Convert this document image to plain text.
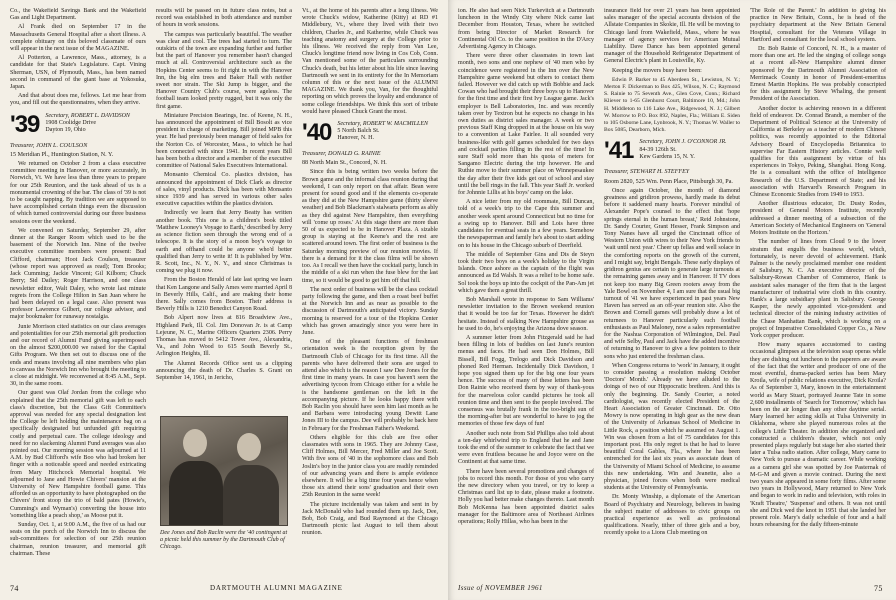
Co., the Wakefield Savings Bank and the Wakefield Gas and Light Department.

Al Frank died on September 17 in the Massachusetts General Hospital after a short illness. A complete obituary on this beloved classmate of ours will appear in the next issue of the MAGAZINE.

Al Potterton, a Lawrence, Mass., attorney, is a candidate for that State's Legislature. Capt. Vining Sherman, USN, of Plymouth, Mass., has been named second in command of the giant base at Yokosuka, Japan.

And that about does me, fellows. Let me hear from you, and fill out the questionnaires, when they arrive.

'39 Secretary, ROBERT L. DAVIDSON
1908 Coolidge Drive
Dayton 19, Ohio

Treasurer, JOHN L. COULSON

15 Meridian Pl., Huntington Station, N. Y.

We returned on October 2 from a class executive committee meeting in Hanover, or more accurately, in Norwich, Vt. We have less than three years to prepare for our 25th Reunion, and the task ahead of us is a monumental crowning of the bar. The class of '39 is not to be caught napping. By tradition we are supposed to have accomplished certain things even the discussion of which turned controversial during our three business sessions over the weekend.

We convened on Saturday, September 29, after dinner at the Ranger Room which used to be the basement of the Norwich Inn. Nine of the twelve executive committee members were present: Bud Clifford, chairman; Hoot Jack Coulson, treasurer (whose report was approved as read); Tom Brooks; Jack Cumming; Jackie Vincent; Gil Kilborn; Chuck Berry; Sid Dailey; Roger Harrison, and one class newsletter editor, Walt Daley, who wrote last minute regrets from the College Hilton in San Juan where he had been delayed on a legal case. Also present was professor Lawrence Gilbert, our college advisor, and major bookmaker for runaway nostalgia.

Junie Morrison cited statistics on our class averages and potentialities for our 25th memorial gift production and our record of Alumni Fund giving superimposed on the almost $200,000.00 we raised for the Capital Gifts Program. We then set out to discuss one of the ends and means involving all nine members who plan to canvass the Norwich Inn who brought the meeting to a close at midnight. We reconvened at 8:45 A.M., Sept. 30, in the same room.

Our guest was Olaf Jordan from the college who explained that the 25th memorial gift was left to each class's discretion, but the Class Gift Committee's approval was needed for any special designation lest the College be left holding the maintenance bag on a specifically designated but unfunded gift requiring costly and perpetual care. The college ideology and need for no slackening Alumni Fund averages was also pointed out. Our morning session was adjourned at 11 A.M. by Bud Clifford's wife Boo who had broken her finger with a noticeable speed and needed extricating from Mary Hitchcock Memorial hospital. We adjourned to Jane and Howie Chivers' mansion at the University of New Hampshire football game. This afforded us an opportunity to have photographed on the Chivers' front stoop the trio of bald pates (Howie's, Cumming's and Wyman's) converting the house into 'something like a peach shop,' as Moose put it.

Sunday, Oct. 1, at 9:00 A.M., the five of us had our seats on the porch of the Norwich Inn to discuss the sub-committees for selection of our 25th reunion chairman, reunion treasurer, and memorial gift chairman. These

results will be passed on in future class notes, but a record was established in both attendance and number of hours in work sessions.

The campus was particularly beautiful. The weather was clear and cool. The trees had started to turn. The outskirts of the town are expanding further and further but the part of Hanover you remember hasn't changed much at all. Controversial architecture such as the Hopkins Center seems to fit right in with the Hanover Inn, the big elm trees and Baker Hall with neither sweet nor strain. The Ski Jump is bigger, and the Hanover Country Club's course, were ageless. The football team looked pretty rugged, but it was only the first game.

Miniature Precision Bearings, Inc. of Keene, N. H., has announced the appointment of Bill Bosolt as vice president in charge of marketing. Bill joined MPB this year. He had previously been manager of field sales for the Norton Co. of Worcester, Mass., to which he had been connected with since 1941. In recent years Bill has been both a director and a member of the executive committee of National Sales Executives International.

Monsanto Chemical Co. plastics division, has announced the appointment of Dick Clark as director of sales, vinyl products. Dick has been with Monsanto since 1939 and has served in various other sales executive capacities within the plastics division.

Indirectly we learn that Jerry Beatty has written another book. This one is a children's book titled 'Matthew Looney's Voyage to Earth,' described by Jerry as science fiction seen through the wrong end of a telescope. It is the story of a moon boy's voyage to earth and offhand could be anyone who'd better qualified than Jerry to write it! It is published by Wm. R. Scott, Inc., N. Y., N. Y., and since Christmas is coming we plug it now.

From the Boston Herald of late last spring we learn that Ken Langone and Sally Ames were married April 8 in Beverly Hills, Calif., and are making their home there. Sally comes from Boston. Their address is Beverly Hills is 1210 Benedict Canyon Road.

Bob Alpert now lives at 816 Broadview Ave., Highland Park, Ill. Col. Jim Donovan Jr. is at Camp Lejeune, N. C., Marine Officers Quarters 2306. Perry Thomas has moved to 5412 Tower Ave., Alexandria, Va., and John Wood to 615 South Beverly St., Arlington Heights, Ill.

The Alumni Records Office sent us a clipping announcing the death of Dr. Charles S. Grant on September 14, 1961, in Jericho,

Vt., at the home of his parents after a long illness. We wrote Chuck's widow, Katherine (Kitty) at RD #1 Middlebury, Vt., where they lived with their two children, Charles Jr., and Katherine, while Chuck was teaching anatomy and surgery at the College prior to his illness. We received the reply from Van Lee, Chuck's longtime friend now living in Cos Cob, Conn. Van mentioned some of the particulars surrounding Chuck's death, but his letter about his life since leaving Dartmouth we sent in its entirety for the In Memoriam column of this or the next issue of the ALUMNI MAGAZINE. We thank you, Van, for the thoughtful reporting on which proves the loyalty and endurance of some college friendships. We think this sort of tribute would have pleased Chuck Grant the most.

'40 Secretary, ROBERT W. MACMILLEN
5 North Balch St.
Hanover, N. H.

Treasurer, DONALD G. RAINIE

88 North Main St., Concord, N. H.

Since this is being written two weeks before the Brown game and the informal class reunion during that weekend, I can only report on that affair. Bean were present for sound good and if the elements co-operate as they did at the New Hampshire game (thirty sleeve weather) and Bob Blackman's stalwarts perform as ably as they did against New Hampshire, then everything will 'come up roses.' At this stage there are more than 50 of us expected to be in Hanover Plaza. A sizable group is staying at the Keene's and the rest are scattered around town. The first order of business is the Saturday morning preview of our reunion movies. If there is a demand for it the class films will be shown too. As I recall we then have the cocktail party, lunch in the middle of a ski run when the fuse blew for the last time, so it would be good to get him off that hill.

The next order of business will be the class cocktail party following the game, and then a roast beef buffet at the Norwich Inn and as near as possible to the discussion of Dartmouth's anticipated victory. Sunday morning is reserved for a tour of the Hopkins Center which has grown amazingly since you were here in June.

One of the pleasant functions of freshman orientation week is the reception given by the Dartmouth Club of Chicago for its first time. All the parents who have delivered their sons are urged to attend also which is the reason I saw Dee Jones for the first time in many years. In case you haven't seen the advertising tycoon from Chicago either for a while he is the handsome gentleman on the left in the accompanying picture. If he looks happy there with Bob Raclin you should have seen him last month as he and Barbara were introducing young Dewitt Lane Jones III to the campus. Dee will probably be back here in February for the Freshman Father's Weekend.

Others eligible for this club are five other classmates with sons in 1965. They are Johnny Case, Cliff Holmes, Bill Mercer, Fred Miller and Joe Scott. With five sons of '40 in the sophomore class and Bob Joslin's boy in the junior class you are readily reminded of our advancing years and there is ample evidence elsewhere. It will be a big time four years hence when those six attend their sons' graduation and their own 25th Reunion in the same week!

The picture incidentally was taken and sent in by Jack McDonald who had rounded them up. Jack, Dee, Bob, Bob Craig, and Bud Raymond at the Chicago Dartmouth picnic last August to tell them about reunion.

Dee Jones and Bob Raclin were the '40 contingent at a picnic held this summer by the Dartmouth Club of Chicago.
74	DARTMOUTH ALUMNI MAGAZINE

ion. He also had seen Nick Turkevitch at a Dartmouth luncheon in the Windy City where Nick came last December from Houston, Texas, where he switched from being Director of Market Research for Continental Oil Co. to the same position in the D'Arcy Advertising Agency in Chicago.

There were three other classmates in town last month, two sons and one nephew of '40 men who by coincidence were registered in the Inn over the New Hampshire game weekend but others to contact them failed. However we did catch up with Bobbie and Jack Cowan who had brought their three boys up to Hanover for the first time and their first Ivy League game. Jack's employer is Bell Laboratories, Inc. and was recently taken over by Textron but he expects no change in his own duties as district sales manager. A week or two previous Staff King dropped in at the house on his way to a convention at Lake Fairlee. It all sounded very business-like with golf games scheduled for two days and cocktail parties filling in the rest of the time! In sure Staff sold more than his quota of meters for Sangamo Electric during the trip however. He and Ruthie move to their summer place on Winnepesaukee the day after their five kids get out of school and stay until the bell rings in the fall. This year Staff Jr. worked for Johnnie Lillis at his boys' camp on the lake.

A nice letter from my old roommate, Bill Duncan, told of a week's trip to the Cape this summer and another week spent around Connecticut but no time for a swing up to Hanover. Bill and Lois have three candidates for eventual seats in a few years. Somehow the newspaperman and family he's about to start adding on to his house in the Chicago suburb of Deerfield.

The middle of September Gins and Dis de Steyn took their two boys on a week's holiday to the Virgin Islands. Once ashore as the captain of the flight was announced as Ed Walsh. It was a relief to be home safe. Sol took the boys up into the cockpit of the Pan-Am jet which gave them a great thrill.

Bob Marshall wrote in response to Sam Williams' newsletter invitation to the Brown weekend reunion that it would be too far for Texas. However he didn't hesitate. Instead of stalking New Hampshire grouse as he used to do, he's enjoying the Arizona dove season.

A summer letter from John Fitzgerald said he had been filling in lots of buddies on last June's reunion menus and faces. He had seen Don Holmes, Bill Bissell, Bill Fogg, Trelogo and Dick Davidson and phoned Red Herman. Incidentally Dick Davidson, I hope you signed them up for the big one four years hence. The success of many of these letters has been Don Rainie who received them by way of thank-yous for the marvelous color candid pictures he took all reunion time and then sent to the people involved. The consensus was brutally frank in the too-bright sun of the morning-after but are wonderful to have to jog the memories of those few days of fun!

Another such note from Sid Phillips also told about a ten-day whirlwind trip to England that he and Jane took the end of the summer to celebrate the fact that we were even fruitless because he and Joyce were on the Continent at that same time.

There have been several promotions and changes of jobs to record this month. For those of you who carry the new directory when you travel, or try to keep a Christmas card list up to date, please make a footnote. Holly you had better make changes thereto. Last month Bob McKenna has been appointed district sales manager for the Baltimore area of Northeast Airlines operations; Rolly Hillas, who has been in the

insurance field for over 21 years has been appointed sales manager of the special accounts division of the Allstate Companies in Skokie, Ill. He will be moving to Chicago land from Wakefield, Mass., where he was manager of agency services for American Mutual Liability. Dave Dance has been appointed general manager of the Household Refrigerator Department of General Electric's plant in Louisville, Ky.

Keeping the movers busy have been:

Edwin P. Barker to 45 Aberdeen St., Lewiston, N. Y.; Merton F. Dickerman to Box 425, Wilson, N. C.; Raymond S. Rainie to 75 Seventh Ave., Glen Cove, Conn.; Richard Kliever to 1-65 Glenhurst Court, Baltimore 10, Md.; John H. Middleton to 116 Lake Ave., Ridgewood, N. J.; Gilbert W. Morrow to P.O. Box 892, Naples, Fla.; William E. Siden to 105 Osborne Lane, Lynbrook, N. Y.; Thomas W. Waller to Box 5085, Dearborn, Mich.

'41 Secretary, JOHN J. O'CONNOR JR.
84-39 126th St.
Kew Gardens 15, N. Y.

Treasurer, STEWART H. STEFFEY

Room 2820, 525 Wm. Penn Place, Pittsburgh 30, Pa.

Once again October, the month of diamond greatness and gridiron prowess, hardly made its debut before it saddened many hearts. Forever mindful of Alexander Pope's counsel to the effect that 'hope springs eternal in the human breast,' Reid Johnstone, Dr. Sandy Courter, Grant Hesser, Frank Simpson and Tony Nanes have all urged the Cincinnati office of Western Union with wires to their New York friends to 'wait until next year.' Cheer up fellas and well solace in the comforting reports on the growth of the current, and I might say, bright Bengals. These early displays of gridiron genius are certain to generate large turnouts at the remaining games away and in Hanover. If TV does not keep too many Big Green rooters away from the Yale Bowl on November 4, I am sure that the usual big turnout of '41 we have experienced in past years New Haven has served as an off-year reunion site. Also the Brown and Cornell games will probably draw a lot of returnees to Hanover particularly such football enthusiasts as Paul Maloney, now a sales representative for the Nashua Corporation of Wilmington, Del. Paul and wife Selby, Paul and Jack have the added incentive of returning to Hanover to give a few pointers to their sons who just entered the freshman class.

When Congress returns to 'work' in January, it ought to consider passing a resolution making October 'Doctors' Month.' Already we have alluded to the doings of two of our Hippocratic brethren. And this is only the beginning. Dr. Sandy Courter, a noted cardiologist, was recently elected President of the Heart Association of Greater Cincinnati. Dr. Otto Mowry is now operating in high gear as the new dean of the University of Arkansas School of Medicine in Little Rock, a position which he assumed on August 1. Win was chosen from a list of 75 candidates for this important post. His only regret is that he had to leave beautiful Coral Gables, Fla., where he has been entrenched for the last six years as associate dean of the University of Miami School of Medicine, to assume this new undertaking. Win and Jeanette, also a physician, joined forces when both were medical students at the University of Pennsylvania.

Dr. Monty Winship, a diplomate of the American Board of Psychiatry and Neurology, believes in basing the subject matter of addresses to civic groups on practical experience as well as professional qualifications. Nearly, tither of three girls and a boy, recently spoke to a Lions Club meeting on

'The Role of the Parent.' In addition to giving his practice in New Britain, Conn., he is head of the psychiatry department at the New Britain General Hospital, consultant for the Veterans Village in Hartford and consultant for the local school system.

Dr. Bob Rainie of Concord, N. H., is a master of more than one art. He led the singing of college songs at a recent all-New Hampshire alumni dinner sponsored by the Dartmouth Alumni Association of Merrimack County in honor of President-emeritus Ernest Martin Hopkins. He was probably conscripted for this assignment by Steve Whaling, the present President of the Association.

Another doctor is achieving renown in a different field of endeavor. Dr. Conrad Brandt, a member of the Department of Political Science at the University of California at Berkeley as a teacher of modern Chinese politics, was recently appointed to the Editorial Advisory Board of Encyclopedia Britannica to supervise Far Eastern History articles. Connie well qualifies for this assignment by virtue of his experiences in Tokyo, Peking, Shanghai. Hong Kong. He is a consultant with the office of Intelligence Research of the U.S. Department of State; and his association with Harvard's Research Program in Chinese Economic Studies from 1949 to 1953.

Another illustrious educator, Dr. Dusty Rodes, president of General Motors Institute, recently addressed a dinner meeting of a subsection of the American Society of Mechanical Engineers on 'General Motors Institute on the Horizon.'

The number of lines from Cloud 9 to the lower stratum that engulfs the business world, which, fortunately, is never devoid of achievement. Hank Palmer is the newly proclaimed member one resident of Salisbury, N. C. An executive director of the Salisbury-Rowan Chamber of Commerce, Hank is assistant sales manager of the firm that is the largest manufacturer of industrial wire cloth in this country. Hank's a large subsidiary plant in Salisbury. George Kasper, the newly appointed vice-president and technical director of the mining industry activities of the Chase Manhattan Bank, which is working on a project of Imperative Consolidated Copper Co., a New York copper producer.

How many squares accustomed to casting occasional glimpses at the television soap operas while they are dishing out luncheon to the paperers are aware of the fact that the writer and producer of one of the most eventful, drama-packed series has been Mary Kroila, wife of public relations executive, Dick Kroila? As of September 3, Mary, known in the entertainment world as Mary Stuart, portrayed Jeanne Tate in some 2,600 installments of 'Search for Tomorrow,' which has been on the air longer than any other daytime serial. Mary learned her acting skills at Tulsa University in Oklahoma, where she played numerous roles at the college's Little Theater. In addition she organized and constructed a children's theater, which not only presented plays regularly but stage her also started their later a Tulsa radio station. After college, Mary came to New York to pursue a dramatic career. While working as a camera girl she was spotted by Joe Pasternak of M-G-M and given a movie contract. During the next two years she appeared in some forty films. After some two years in Hollywood, Mary returned to New York and began to work in radio and television, with roles in 'Kraft Theatre,' 'Suspense' and others. It was not until she and Dick wed the knot in 1951 that she landed her present role. Mary's daily schedule of four and a half hours rehearsing for the daily fifteen-minute

Issue of NOVEMBER 1961	75
